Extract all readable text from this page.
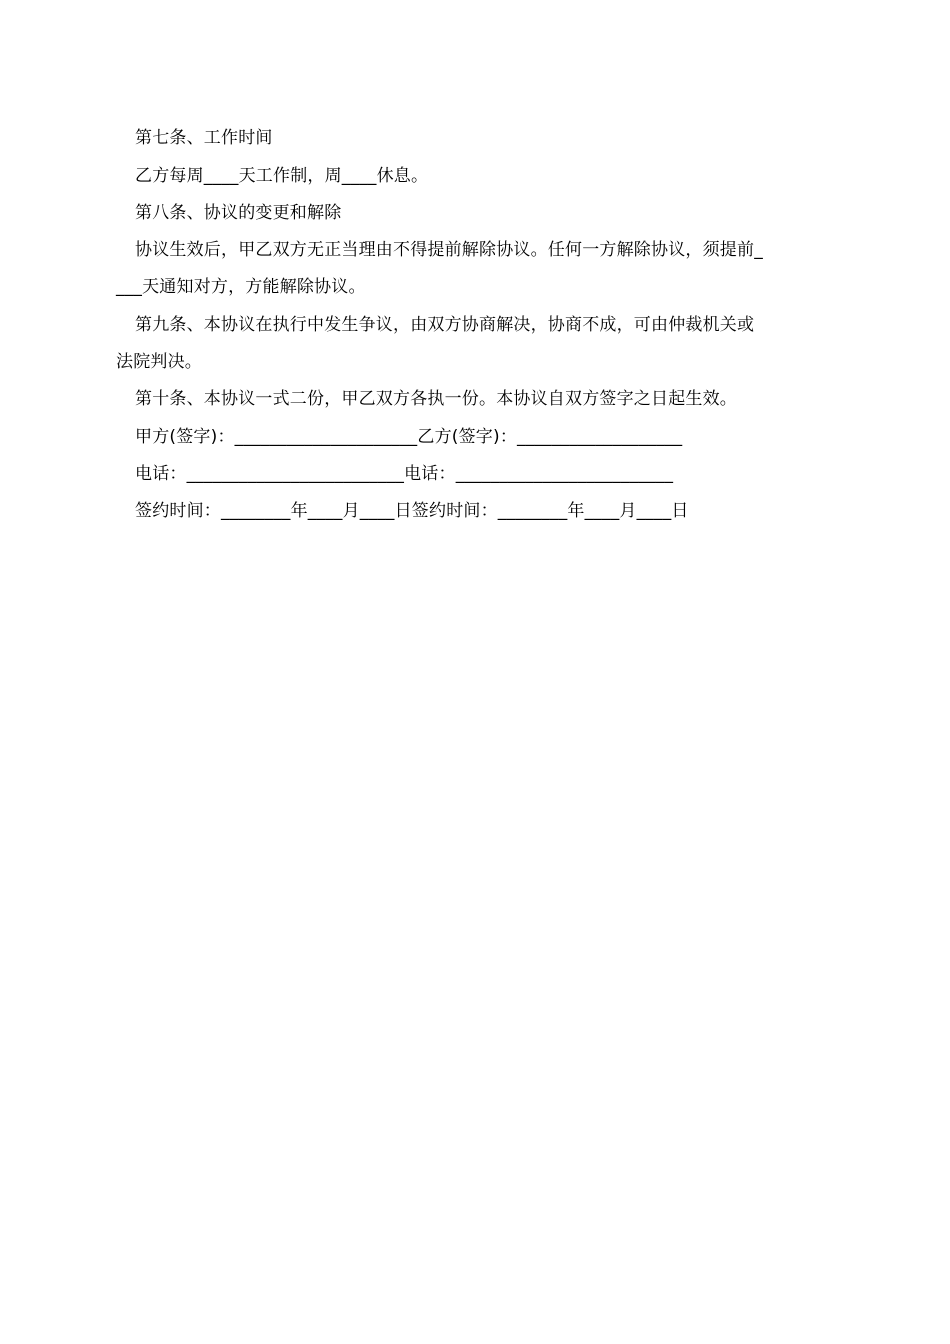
第七条、工作时间
乙方每周____天工作制，周____休息。
第八条、协议的变更和解除
协议生效后，甲乙双方无正当理由不得提前解除协议。任何一方解除协议，须提前_
___天通知对方，方能解除协议。
第九条、本协议在执行中发生争议，由双方协商解决，协商不成，可由仲裁机关或
法院判决。
第十条、本协议一式二份，甲乙双方各执一份。本协议自双方签字之日起生效。
甲方(签字)：_____________________乙方(签字)：___________________
电话：_________________________电话：_________________________
签约时间：________年____月____日签约时间：________年____月____日
